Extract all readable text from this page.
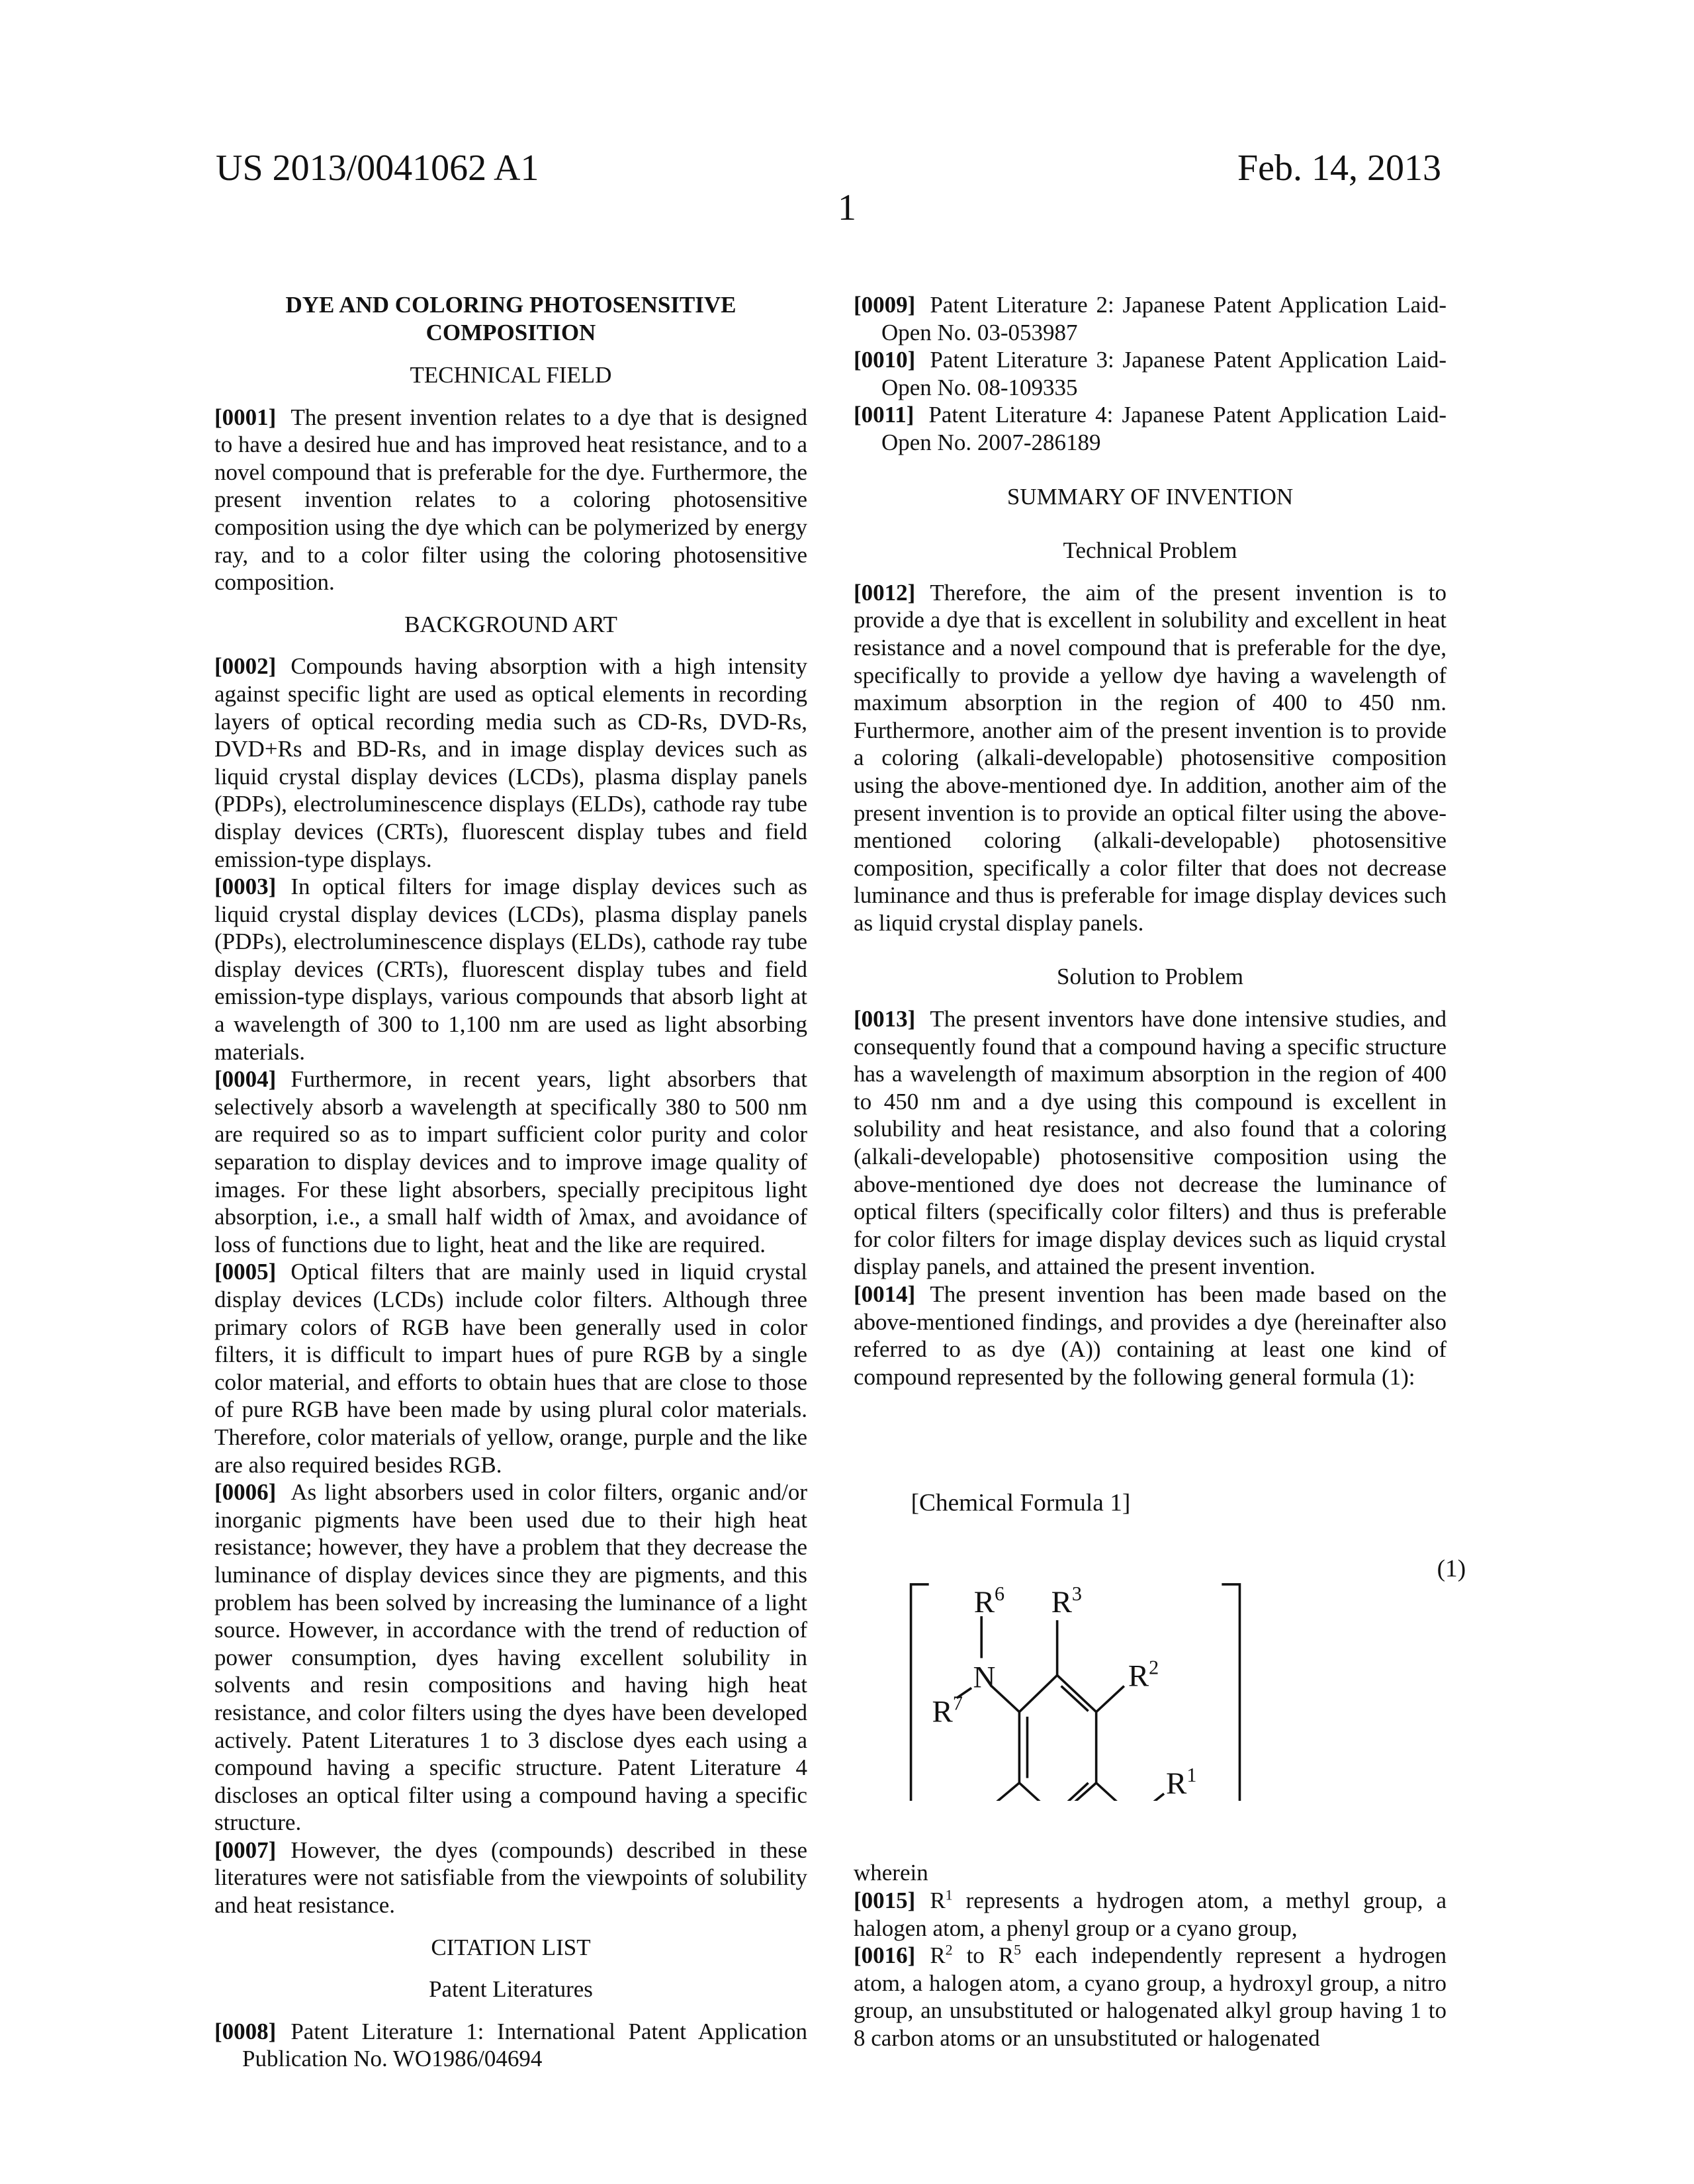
US 2013/0041062 A1	Feb. 14, 2013
1

DYE AND COLORING PHOTOSENSITIVE COMPOSITION

TECHNICAL FIELD

[0001] The present invention relates to a dye that is designed to have a desired hue and has improved heat resistance, and to a novel compound that is preferable for the dye. Furthermore, the present invention relates to a coloring photosensitive composition using the dye which can be polymerized by energy ray, and to a color filter using the coloring photosensitive composition.

BACKGROUND ART

[0002] Compounds having absorption with a high intensity against specific light are used as optical elements in recording layers of optical recording media such as CD-Rs, DVD-Rs, DVD+Rs and BD-Rs, and in image display devices such as liquid crystal display devices (LCDs), plasma display panels (PDPs), electroluminescence displays (ELDs), cathode ray tube display devices (CRTs), fluorescent display tubes and field emission-type displays.

[0003] In optical filters for image display devices such as liquid crystal display devices (LCDs), plasma display panels (PDPs), electroluminescence displays (ELDs), cathode ray tube display devices (CRTs), fluorescent display tubes and field emission-type displays, various compounds that absorb light at a wavelength of 300 to 1,100 nm are used as light absorbing materials.

[0004] Furthermore, in recent years, light absorbers that selectively absorb a wavelength at specifically 380 to 500 nm are required so as to impart sufficient color purity and color separation to display devices and to improve image quality of images. For these light absorbers, specially precipitous light absorption, i.e., a small half width of λmax, and avoidance of loss of functions due to light, heat and the like are required.

[0005] Optical filters that are mainly used in liquid crystal display devices (LCDs) include color filters. Although three primary colors of RGB have been generally used in color filters, it is difficult to impart hues of pure RGB by a single color material, and efforts to obtain hues that are close to those of pure RGB have been made by using plural color materials. Therefore, color materials of yellow, orange, purple and the like are also required besides RGB.

[0006] As light absorbers used in color filters, organic and/or inorganic pigments have been used due to their high heat resistance; however, they have a problem that they decrease the luminance of display devices since they are pigments, and this problem has been solved by increasing the luminance of a light source. However, in accordance with the trend of reduction of power consumption, dyes having excellent solubility in solvents and resin compositions and having high heat resistance, and color filters using the dyes have been developed actively. Patent Literatures 1 to 3 disclose dyes each using a compound having a specific structure. Patent Literature 4 discloses an optical filter using a compound having a specific structure.

[0007] However, the dyes (compounds) described in these literatures were not satisfiable from the viewpoints of solubility and heat resistance.

CITATION LIST

Patent Literatures

[0008] Patent Literature 1: International Patent Application Publication No. WO1986/04694

[0009] Patent Literature 2: Japanese Patent Application Laid-Open No. 03-053987

[0010] Patent Literature 3: Japanese Patent Application Laid-Open No. 08-109335

[0011] Patent Literature 4: Japanese Patent Application Laid-Open No. 2007-286189

SUMMARY OF INVENTION

Technical Problem

[0012] Therefore, the aim of the present invention is to provide a dye that is excellent in solubility and excellent in heat resistance and a novel compound that is preferable for the dye, specifically to provide a yellow dye having a wavelength of maximum absorption in the region of 400 to 450 nm. Furthermore, another aim of the present invention is to provide a coloring (alkali-developable) photosensitive composition using the above-mentioned dye. In addition, another aim of the present invention is to provide an optical filter using the above-mentioned coloring (alkali-developable) photosensitive composition, specifically a color filter that does not decrease luminance and thus is preferable for image display devices such as liquid crystal display panels.

Solution to Problem

[0013] The present inventors have done intensive studies, and consequently found that a compound having a specific structure has a wavelength of maximum absorption in the region of 400 to 450 nm and a dye using this compound is excellent in solubility and heat resistance, and also found that a coloring (alkali-developable) photosensitive composition using the above-mentioned dye does not decrease the luminance of optical filters (specifically color filters) and thus is preferable for color filters for image display devices such as liquid crystal display panels, and attained the present invention.

[0014] The present invention has been made based on the above-mentioned findings, and provides a dye (hereinafter also referred to as dye (A)) containing at least one kind of compound represented by the following general formula (1):

[Chemical Formula 1]
(1)
R6 R3
N	R2
R7
R1

wherein

[0015] R1 represents a hydrogen atom, a methyl group, a halogen atom, a phenyl group or a cyano group,

[0016] R2 to R5 each independently represent a hydrogen atom, a halogen atom, a cyano group, a hydroxyl group, a nitro group, an unsubstituted or halogenated alkyl group having 1 to 8 carbon atoms or an unsubstituted or halogenated
